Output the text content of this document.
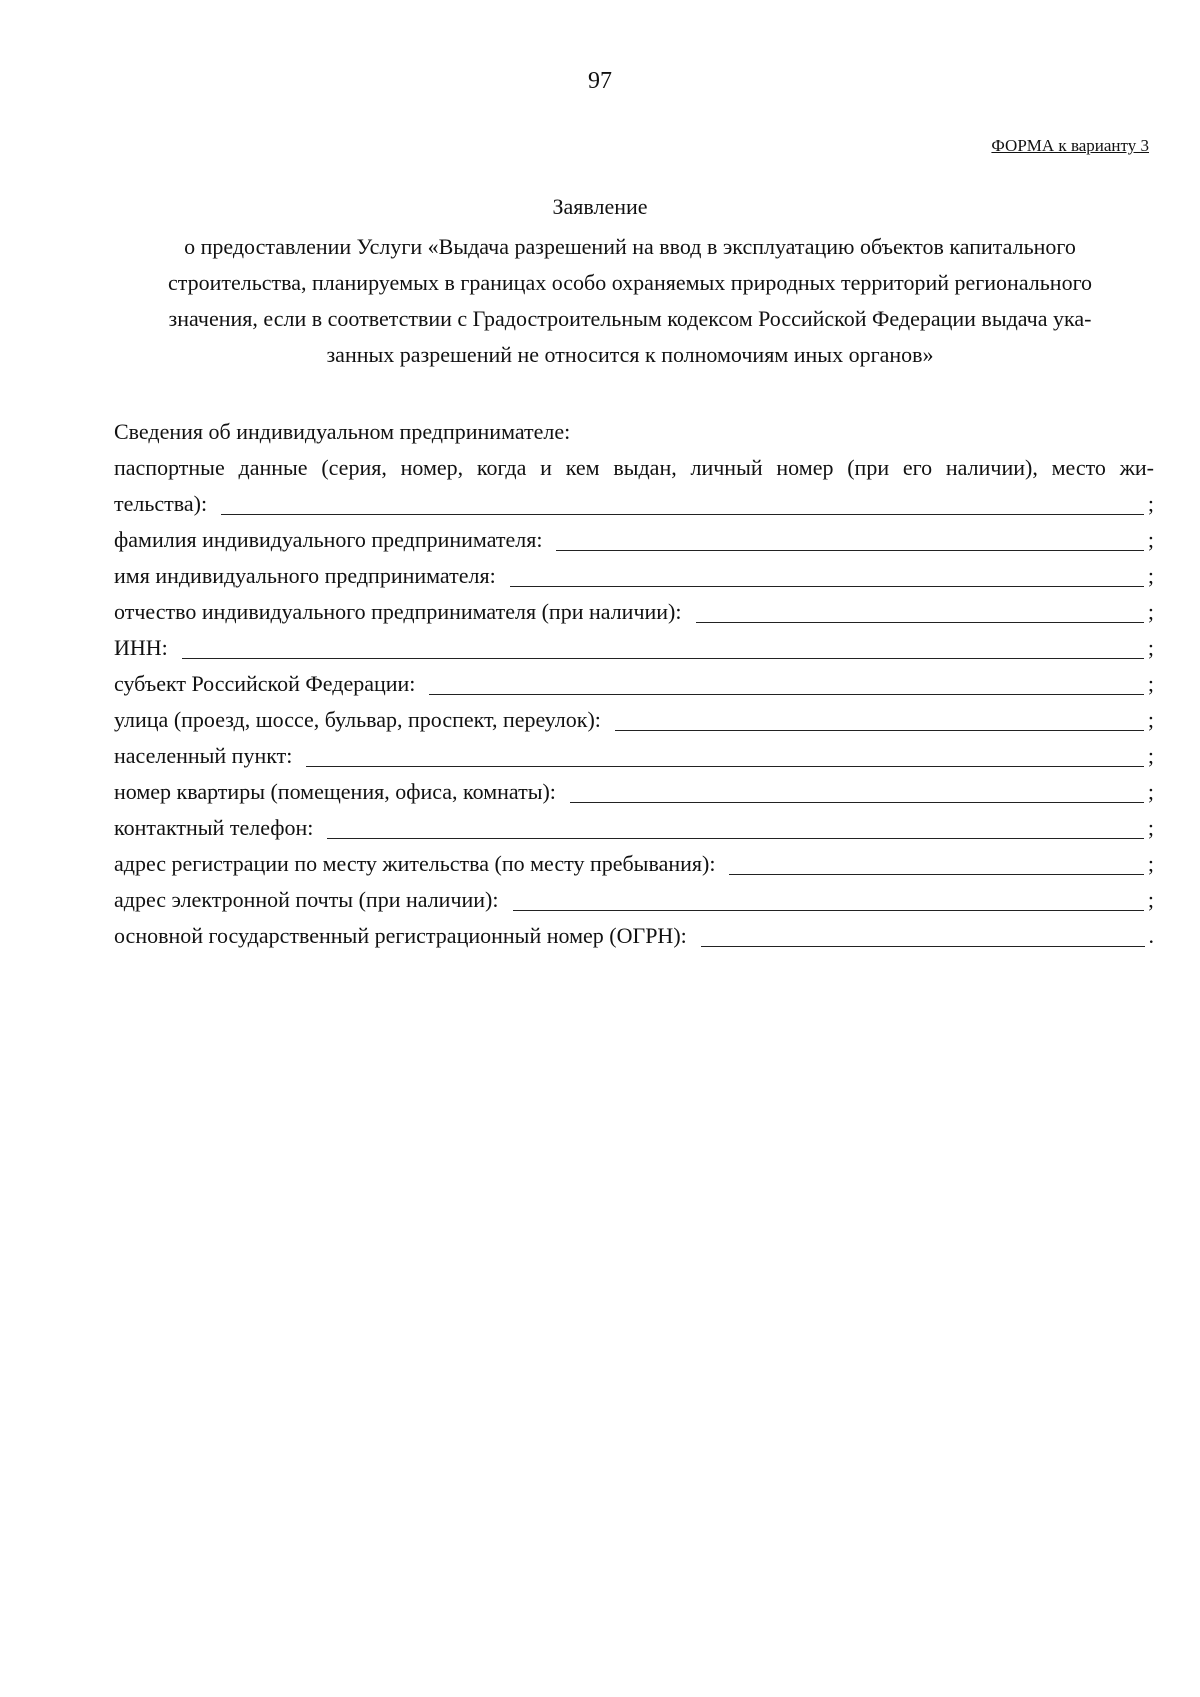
97
ФОРМА к варианту 3
Заявление
о предоставлении Услуги «Выдача разрешений на ввод в эксплуатацию объектов капитального
строительства, планируемых в границах особо охраняемых природных территорий регионального
значения, если в соответствии с Градостроительным кодексом Российской Федерации выдача ука-
занных разрешений не относится к полномочиям иных органов»
Сведения об индивидуальном предпринимателе:
паспортные данные (серия, номер, когда и кем выдан, личный номер (при его наличии), место жи-
тельства):	;
фамилия индивидуального предпринимателя:	;
имя индивидуального предпринимателя:	;
отчество индивидуального предпринимателя (при наличии):	;
ИНН:	;
субъект Российской Федерации:	;
улица (проезд, шоссе, бульвар, проспект, переулок):	;
населенный пункт:	;
номер квартиры (помещения, офиса, комнаты):	;
контактный телефон:	;
адрес регистрации по месту жительства (по месту пребывания):	;
адрес электронной почты (при наличии):	;
основной государственный регистрационный номер (ОГРН):	.
